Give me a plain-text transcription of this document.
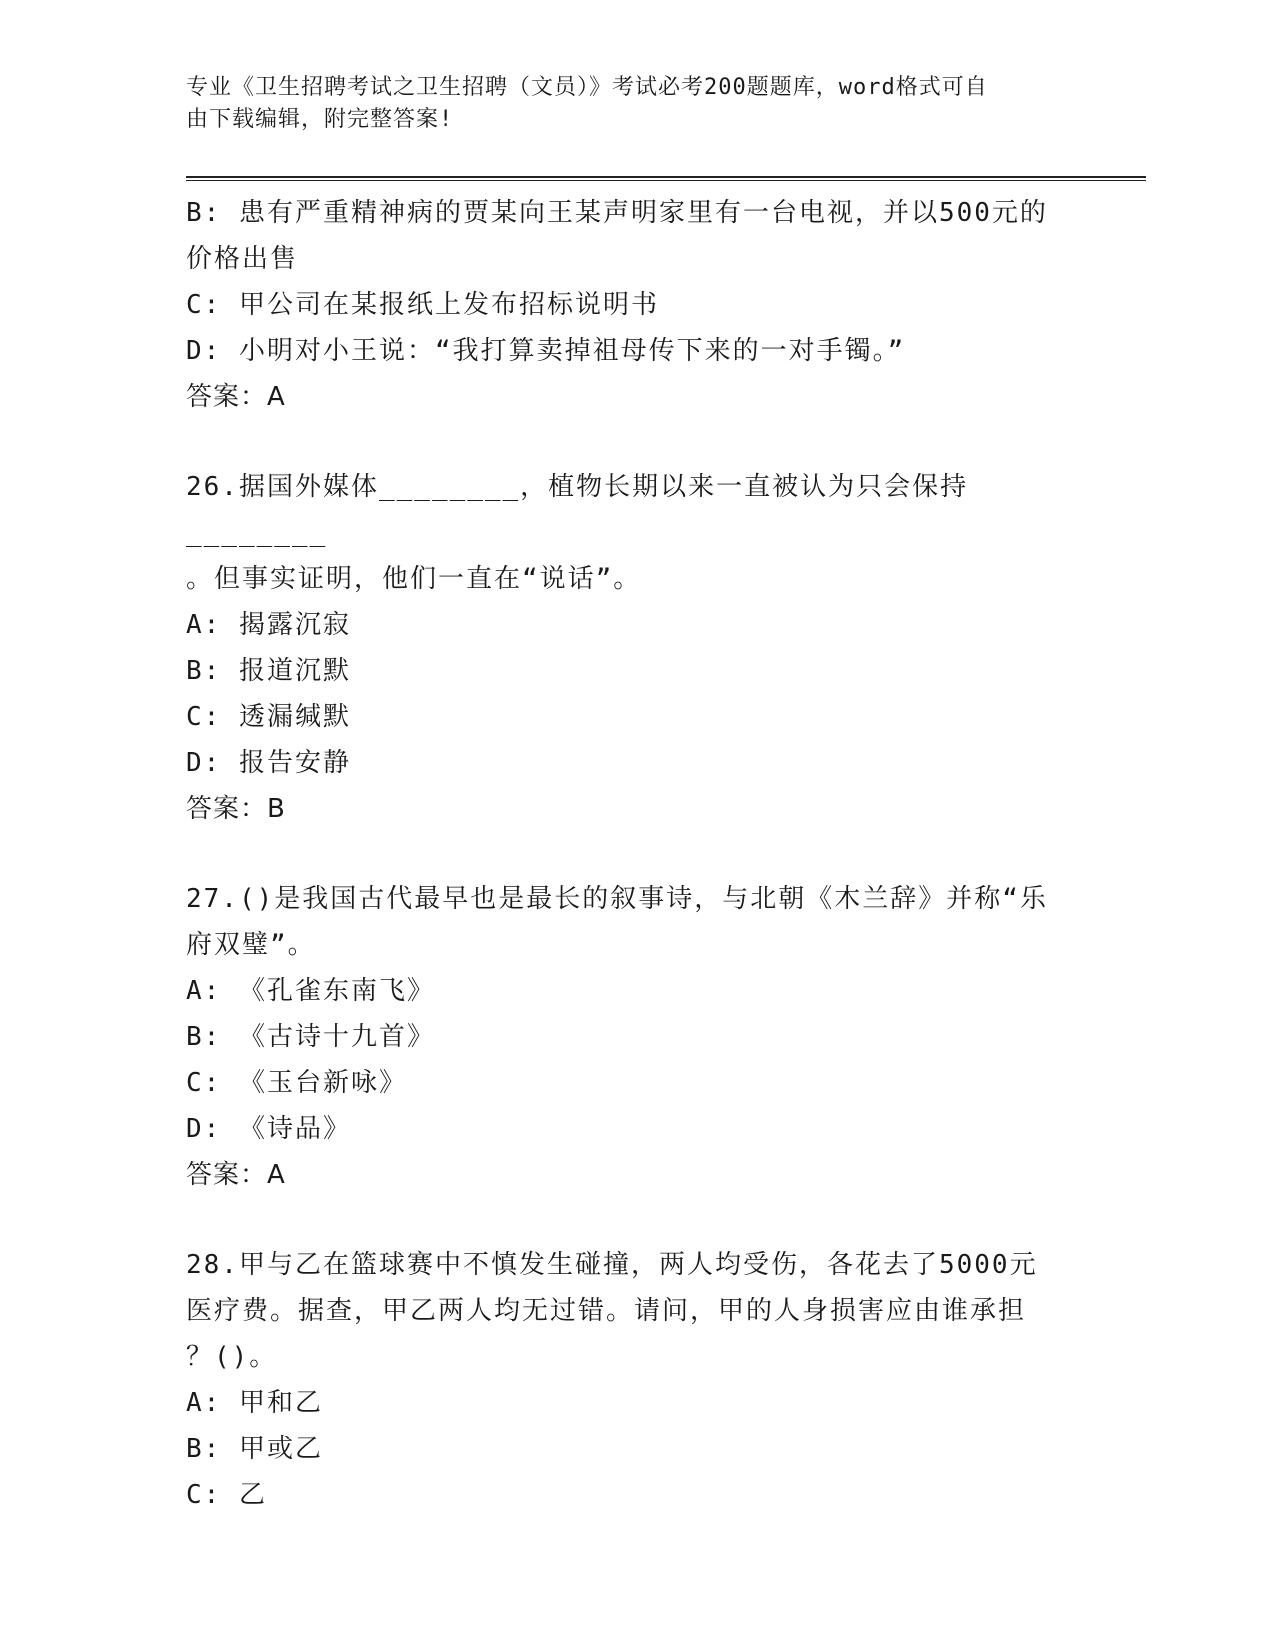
专业《卫生招聘考试之卫生招聘（文员）》考试必考200题题库，word格式可自
由下载编辑，附完整答案!

B: 患有严重精神病的贾某向王某声明家里有一台电视，并以500元的

价格出售

C: 甲公司在某报纸上发布招标说明书

D: 小明对小王说：“我打算卖掉祖母传下来的一对手镯。”

答案：A

26.据国外媒体________，植物长期以来一直被认为只会保持________

。但事实证明，他们一直在“说话”。

A: 揭露沉寂

B: 报道沉默

C: 透漏缄默

D: 报告安静

答案：B

27.()是我国古代最早也是最长的叙事诗，与北朝《木兰辞》并称“乐

府双璧”。

A: 《孔雀东南飞》

B: 《古诗十九首》

C: 《玉台新咏》

D: 《诗品》

答案：A

28.甲与乙在篮球赛中不慎发生碰撞，两人均受伤，各花去了5000元

医疗费。据查，甲乙两人均无过错。请问，甲的人身损害应由谁承担

？()。

A: 甲和乙

B: 甲或乙

C: 乙
